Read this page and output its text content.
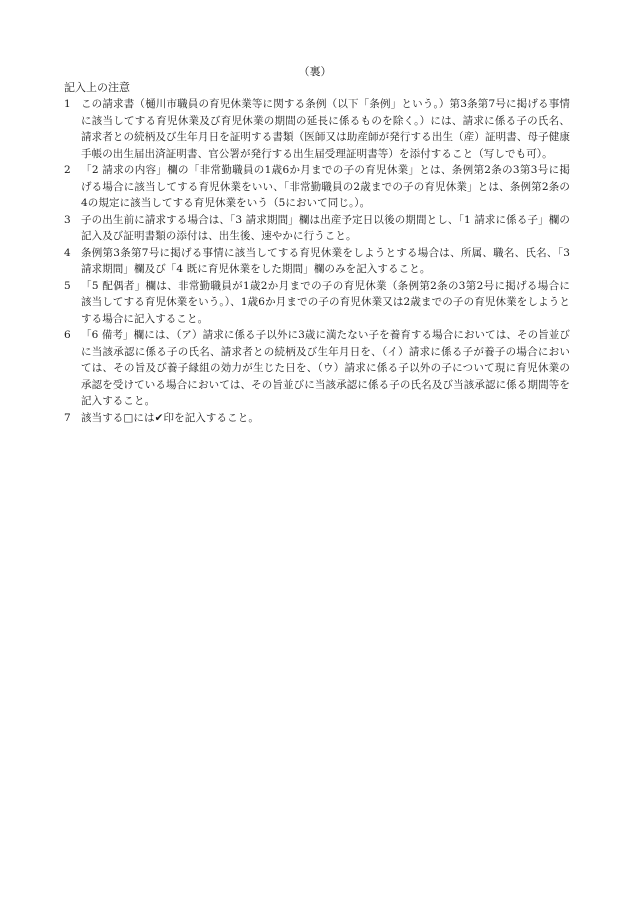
（裏）
記入上の注意
1 この請求書（樋川市職員の育児休業等に関する条例（以下「条例」という。）第3条第7号に掲げる事情に該当してする育児休業及び育児休業の期間の延長に係るものを除く。）には、請求に係る子の氏名、請求者との続柄及び生年月日を証明する書類（医師又は助産師が発行する出生（産）証明書、母子健康手帳の出生届出済証明書、官公署が発行する出生届受理証明書等）を添付すること（写しでも可）。
2 「2 請求の内容」欄の「非常勤職員の1歳6か月までの子の育児休業」とは、条例第2条の3第3号に掲げる場合に該当してする育児休業をいい、「非常勤職員の2歳までの子の育児休業」とは、条例第2条の4の規定に該当してする育児休業をいう（5において同じ。）。
3 子の出生前に請求する場合は、「3 請求期間」欄は出産予定日以後の期間とし、「1 請求に係る子」欄の記入及び証明書類の添付は、出生後、速やかに行うこと。
4 条例第3条第7号に掲げる事情に該当してする育児休業をしようとする場合は、所属、職名、氏名、「3 請求期間」欄及び「4 既に育児休業をした期間」欄のみを記入すること。
5 「5 配偶者」欄は、非常勤職員が1歳2か月までの子の育児休業（条例第2条の3第2号に掲げる場合に該当してする育児休業をいう。）、1歳6か月までの子の育児休業又は2歳までの子の育児休業をしようとする場合に記入すること。
6 「6 備考」欄には、（ア）請求に係る子以外に3歳に満たない子を養育する場合においては、その旨並びに当該承認に係る子の氏名、請求者との続柄及び生年月日を、（イ）請求に係る子が養子の場合においては、その旨及び養子縁組の効力が生じた日を、（ウ）請求に係る子以外の子について現に育児休業の承認を受けている場合においては、その旨並びに当該承認に係る子の氏名及び当該承認に係る期間等を記入すること。
7 該当する□には✔印を記入すること。
